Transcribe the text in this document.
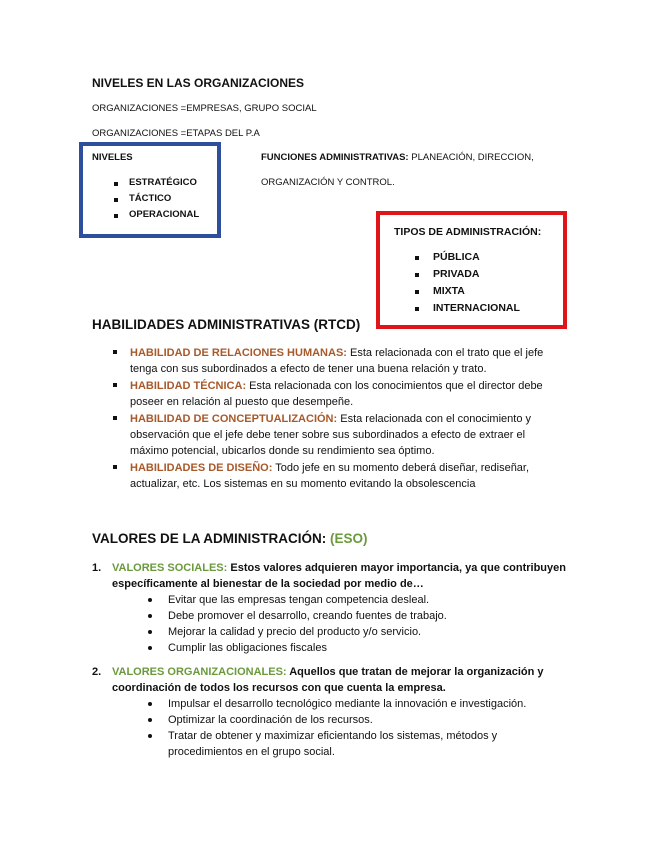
NIVELES EN LAS ORGANIZACIONES
ORGANIZACIONES =EMPRESAS, GRUPO SOCIAL
ORGANIZACIONES =ETAPAS DEL P.A
NIVELES
ESTRATÉGICO
TÁCTICO
OPERACIONAL
FUNCIONES ADMINISTRATIVAS: PLANEACIÓN, DIRECCION,
ORGANIZACIÓN Y CONTROL.
TIPOS DE ADMINISTRACIÓN:
PÚBLICA
PRIVADA
MIXTA
INTERNACIONAL
HABILIDADES ADMINISTRATIVAS (RTCD)
HABILIDAD DE RELACIONES HUMANAS: Esta relacionada con el trato que el jefe
tenga con sus subordinados a efecto de tener una buena relación y trato.
HABILIDAD TÉCNICA: Esta relacionada con los conocimientos que el director debe
poseer en relación al puesto que desempeñe.
HABILIDAD DE CONCEPTUALIZACIÓN: Esta relacionada con el conocimiento y
observación que el jefe debe tener sobre sus subordinados a efecto de extraer el
máximo potencial, ubicarlos donde su rendimiento sea óptimo.
HABILIDADES DE DISEÑO: Todo jefe en su momento deberá diseñar, rediseñar,
actualizar, etc. Los sistemas en su momento evitando la obsolescencia
VALORES DE LA ADMINISTRACIÓN: (ESO)
1. VALORES SOCIALES: Estos valores adquieren mayor importancia, ya que contribuyen
específicamente al bienestar de la sociedad por medio de…
Evitar que las empresas tengan competencia desleal.
Debe promover el desarrollo, creando fuentes de trabajo.
Mejorar la calidad y precio del producto y/o servicio.
Cumplir las obligaciones fiscales
2. VALORES ORGANIZACIONALES: Aquellos que tratan de mejorar la organización y
coordinación de todos los recursos con que cuenta la empresa.
Impulsar el desarrollo tecnológico mediante la innovación e investigación.
Optimizar la coordinación de los recursos.
Tratar de obtener y maximizar eficientando los sistemas, métodos y
procedimientos en el grupo social.
